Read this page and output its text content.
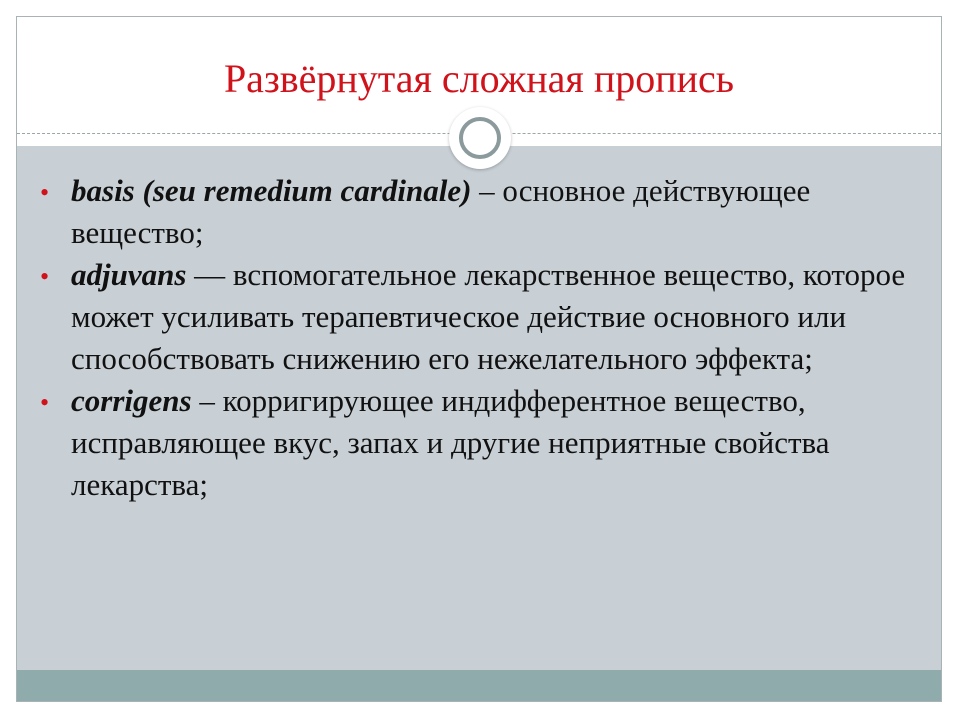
Развёрнутая сложная пропись
• basis (seu remedium cardinale) – основное действующее вещество;
• adjuvans — вспомогательное лекарственное вещество, которое может усиливать терапевтическое действие основного или способствовать снижению его нежелательного эффекта;
• corrigens – корригирующее индифферентное вещество, исправляющее вкус, запах и другие неприятные свойства лекарства;
